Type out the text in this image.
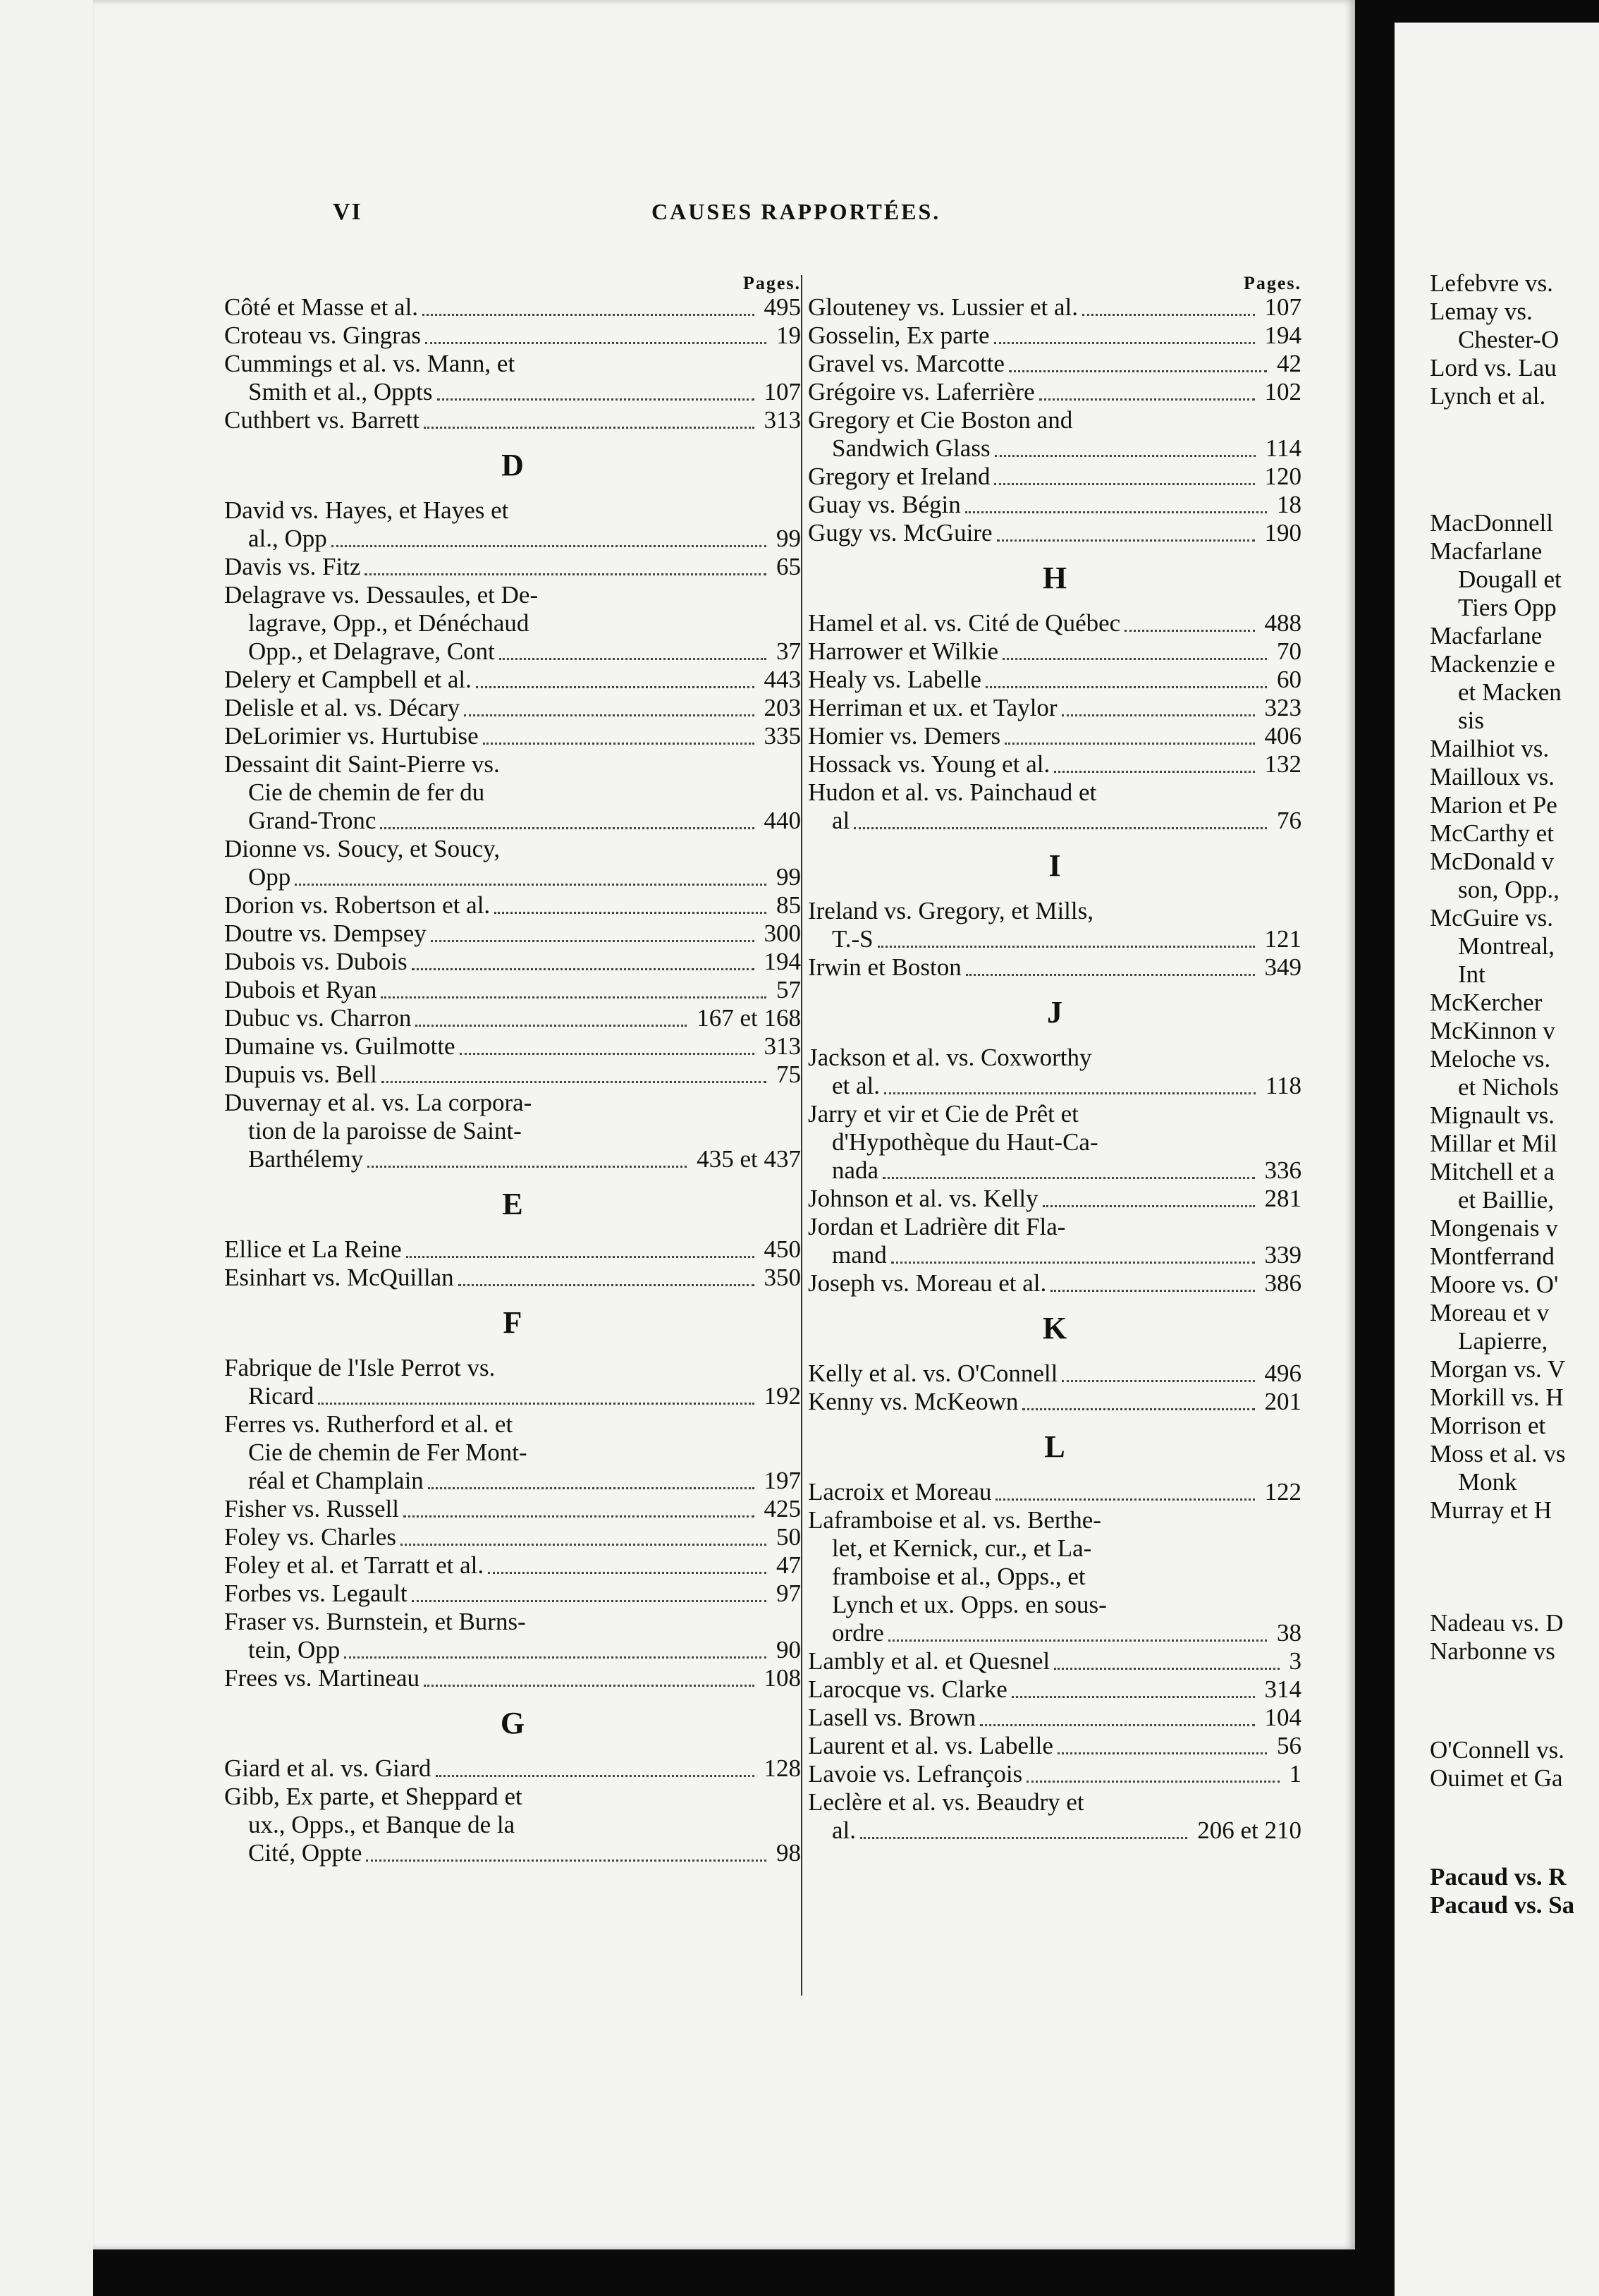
VI	CAUSES RAPPORTÉES.
Pages.
Côté et Masse et al.	495
Croteau vs. Gingras	19
Cummings et al. vs. Mann, et
Smith et al., Oppts	107
Cuthbert vs. Barrett	313
D
David vs. Hayes, et Hayes et
al., Opp	99
Davis vs. Fitz	65
Delagrave vs. Dessaules, et De-
lagrave, Opp., et Dénéchaud
Opp., et Delagrave, Cont	37
Delery et Campbell et al.	443
Delisle et al. vs. Décary	203
DeLorimier vs. Hurtubise	335
Dessaint dit Saint-Pierre vs.
Cie de chemin de fer du
Grand-Tronc	440
Dionne vs. Soucy, et Soucy,
Opp	99
Dorion vs. Robertson et al.	85
Doutre vs. Dempsey	300
Dubois vs. Dubois	194
Dubois et Ryan	57
Dubuc vs. Charron	167 et 168
Dumaine vs. Guilmotte	313
Dupuis vs. Bell	75
Duvernay et al. vs. La corpora-
tion de la paroisse de Saint-
Barthélemy	435 et 437
E
Ellice et La Reine	450
Esinhart vs. McQuillan	350
F
Fabrique de l'Isle Perrot vs.
Ricard	192
Ferres vs. Rutherford et al. et
Cie de chemin de Fer Mont-
réal et Champlain	197
Fisher vs. Russell	425
Foley vs. Charles	50
Foley et al. et Tarratt et al.	47
Forbes vs. Legault	97
Fraser vs. Burnstein, et Burns-
tein, Opp	90
Frees vs. Martineau	108
G
Giard et al. vs. Giard	128
Gibb, Ex parte, et Sheppard et
ux., Opps., et Banque de la
Cité, Oppte	98
Pages.
Glouteney vs. Lussier et al.	107
Gosselin, Ex parte	194
Gravel vs. Marcotte	42
Grégoire vs. Laferrière	102
Gregory et Cie Boston and
Sandwich Glass	114
Gregory et Ireland	120
Guay vs. Bégin	18
Gugy vs. McGuire	190
H
Hamel et al. vs. Cité de Québec	488
Harrower et Wilkie	70
Healy vs. Labelle	60
Herriman et ux. et Taylor	323
Homier vs. Demers	406
Hossack vs. Young et al.	132
Hudon et al. vs. Painchaud et
al	76
I
Ireland vs. Gregory, et Mills,
T.-S	121
Irwin et Boston	349
J
Jackson et al. vs. Coxworthy
et al.	118
Jarry et vir et Cie de Prêt et
d'Hypothèque du Haut-Ca-
nada	336
Johnson et al. vs. Kelly	281
Jordan et Ladrière dit Fla-
mand	339
Joseph vs. Moreau et al.	386
K
Kelly et al. vs. O'Connell	496
Kenny vs. McKeown	201
L
Lacroix et Moreau	122
Laframboise et al. vs. Berthe-
let, et Kernick, cur., et La-
framboise et al., Opps., et
Lynch et ux. Opps. en sous-
ordre	38
Lambly et al. et Quesnel	3
Larocque vs. Clarke	314
Lasell vs. Brown	104
Laurent et al. vs. Labelle	56
Lavoie vs. Lefrançois	1
Leclère et al. vs. Beaudry et
al.	206 et 210
Lefebvre vs.
Lemay vs.
Chester-O
Lord vs. Lau
Lynch et al.
MacDonnell
Macfarlane
Dougall et
Tiers Opp
Macfarlane
Mackenzie e
et Macken
sis
Mailhiot vs.
Mailloux vs.
Marion et Pe
McCarthy et
McDonald v
son, Opp.,
McGuire vs.
Montreal,
Int
McKercher
McKinnon v
Meloche vs.
et Nichols
Mignault vs.
Millar et Mil
Mitchell et a
et Baillie,
Mongenais v
Montferrand
Moore vs. O'
Moreau et v
Lapierre,
Morgan vs. V
Morkill vs. H
Morrison et
Moss et al. vs
Monk
Murray et H
Nadeau vs. D
Narbonne vs
O'Connell vs.
Ouimet et Ga
Pacaud vs. R
Pacaud vs. Sa
